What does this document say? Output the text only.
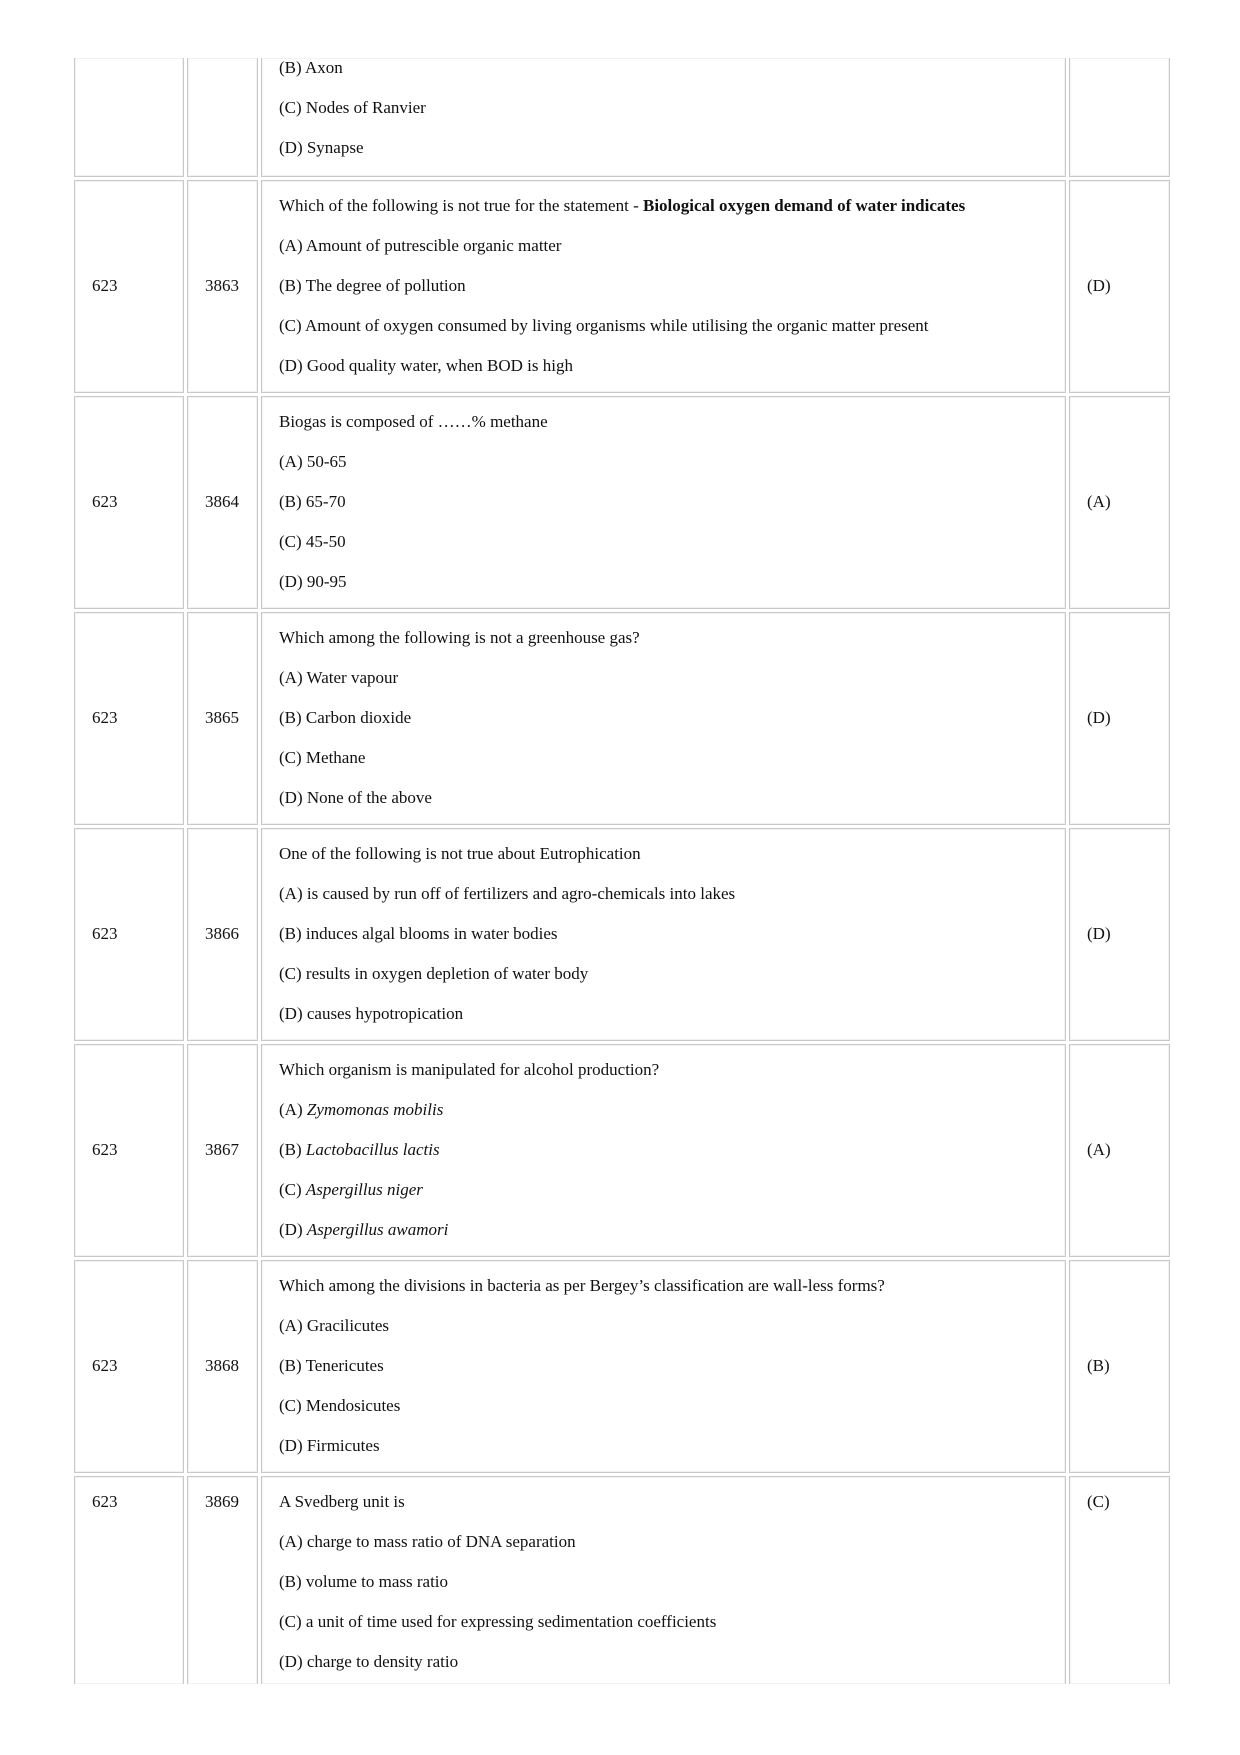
(B) Axon
(C) Nodes of Ranvier
(D) Synapse
623	3863
Which of the following is not true for the statement - Biological oxygen demand of water indicates
(A) Amount of putrescible organic matter
(B) The degree of pollution
(C) Amount of oxygen consumed by living organisms while utilising the organic matter present
(D) Good quality water, when BOD is high
(D)
623	3864
Biogas is composed of ……% methane
(A) 50-65
(B) 65-70
(C) 45-50
(D) 90-95
(A)
623	3865
Which among the following is not a greenhouse gas?
(A) Water vapour
(B) Carbon dioxide
(C) Methane
(D) None of the above
(D)
623	3866
One of the following is not true about Eutrophication
(A) is caused by run off of fertilizers and agro-chemicals into lakes
(B) induces algal blooms in water bodies
(C) results in oxygen depletion of water body
(D) causes hypotropication
(D)
623	3867
Which organism is manipulated for alcohol production?
(A) Zymomonas mobilis
(B) Lactobacillus lactis
(C) Aspergillus niger
(D) Aspergillus awamori
(A)
623	3868
Which among the divisions in bacteria as per Bergey’s classification are wall-less forms?
(A) Gracilicutes
(B) Tenericutes
(C) Mendosicutes
(D) Firmicutes
(B)
623	3869 A Svedberg unit is
(A) charge to mass ratio of DNA separation
(B) volume to mass ratio
(C) a unit of time used for expressing sedimentation coefficients
(D) charge to density ratio
(C)
